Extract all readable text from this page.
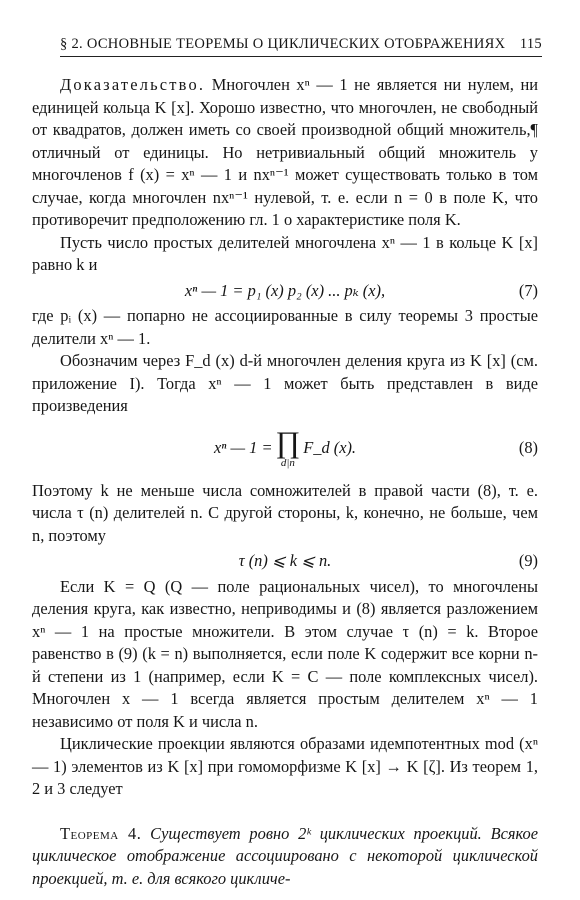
§ 2. ОСНОВНЫЕ ТЕОРЕМЫ О ЦИКЛИЧЕСКИХ ОТОБРАЖЕНИЯХ 115

Доказательство. Многочлен xⁿ — 1 не является ни нулем, ни единицей кольца K [x]. Хорошо известно, что многочлен, не свободный от квадратов, должен иметь со своей производной общий множитель,¶ отличный от единицы. Но нетривиальный общий множитель у многочленов f (x) = xⁿ — 1 и nxⁿ⁻¹ может существовать только в том случае, когда многочлен nxⁿ⁻¹ нулевой, т. е. если n = 0 в поле K, что противоречит предположению гл. 1 о характеристике поля K.

Пусть число простых делителей многочлена xⁿ — 1 в кольце K [x] равно k и

xⁿ — 1 = p₁ (x) p₂ (x) ... pₖ (x),	(7)

где pᵢ (x) — попарно не ассоциированные в силу теоремы 3 простые делители xⁿ — 1.

Обозначим через F_d (x) d-й многочлен деления круга из K [x] (см. приложение I). Тогда xⁿ — 1 может быть представлен в виде произведения

xⁿ — 1 = ∏
d|n
F_d (x).	(8)

Поэтому k не меньше числа сомножителей в правой части (8), т. е. числа τ (n) делителей n. С другой стороны, k, конечно, не больше, чем n, поэтому

τ (n) ⩽ k ⩽ n.	(9)

Если K = Q (Q — поле рациональных чисел), то многочлены деления круга, как известно, неприводимы и (8) является разложением xⁿ — 1 на простые множители. В этом случае τ (n) = k. Второе равенство в (9) (k = n) выполняется, если поле K содержит все корни n-й степени из 1 (например, если K = C — поле комплексных чисел). Многочлен x — 1 всегда является простым делителем xⁿ — 1 независимо от поля K и числа n.

Циклические проекции являются образами идемпотентных mod (xⁿ — 1) элементов из K [x] при гомоморфизме K [x] → K [ζ]. Из теорем 1, 2 и 3 следует

Теорема 4. Существует ровно 2ᵏ циклических проекций. Всякое циклическое отображение ассоциировано с некоторой циклической проекцией, т. е. для всякого цикличе-
